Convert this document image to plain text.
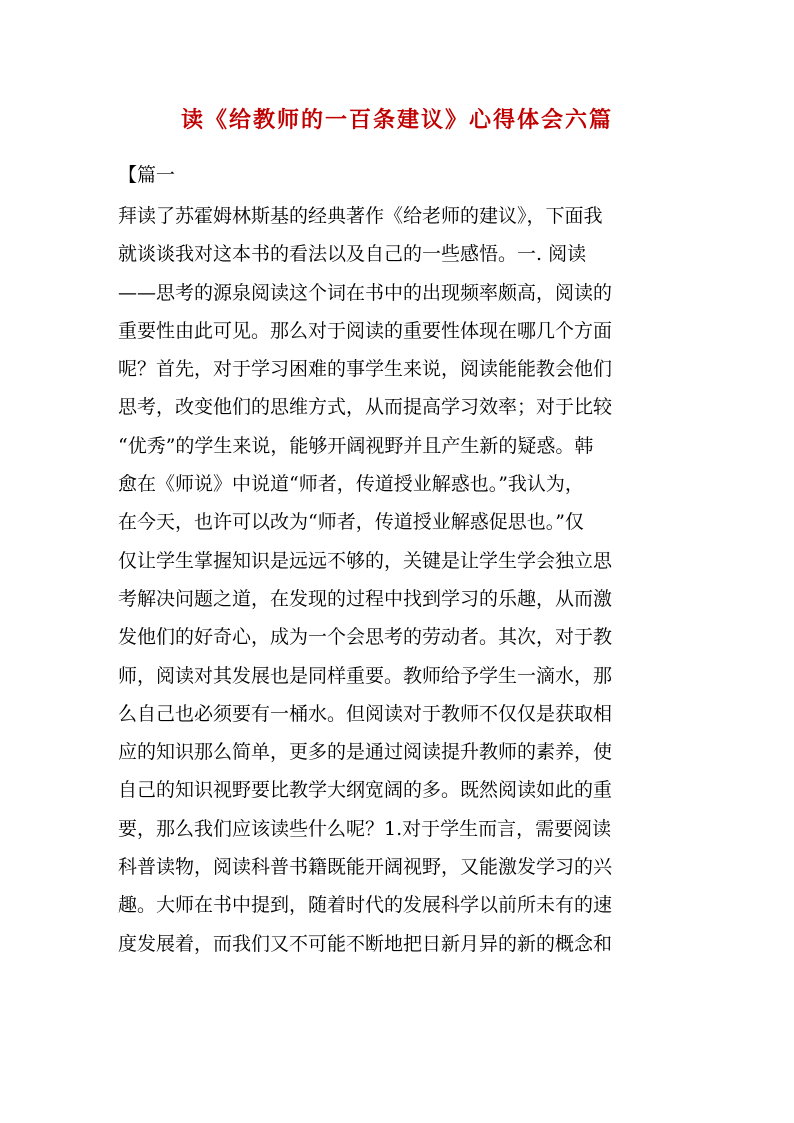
读《给教师的一百条建议》心得体会六篇
【篇一
拜读了苏霍姆林斯基的经典著作《给老师的建议》，下面我
就谈谈我对这本书的看法以及自己的一些感悟。一. 阅读
——思考的源泉阅读这个词在书中的出现频率颇高，阅读的
重要性由此可见。那么对于阅读的重要性体现在哪几个方面
呢？首先，对于学习困难的事学生来说，阅读能能教会他们
思考，改变他们的思维方式，从而提高学习效率；对于比较
“优秀”的学生来说，能够开阔视野并且产生新的疑惑。韩
愈在《师说》中说道“师者，传道授业解惑也。”我认为，
在今天，也许可以改为“师者，传道授业解惑促思也。”仅
仅让学生掌握知识是远远不够的，关键是让学生学会独立思
考解决问题之道，在发现的过程中找到学习的乐趣，从而激
发他们的好奇心，成为一个会思考的劳动者。其次，对于教
师，阅读对其发展也是同样重要。教师给予学生一滴水，那
么自己也必须要有一桶水。但阅读对于教师不仅仅是获取相
应的知识那么简单，更多的是通过阅读提升教师的素养，使
自己的知识视野要比教学大纲宽阔的多。既然阅读如此的重
要，那么我们应该读些什么呢？1.对于学生而言，需要阅读
科普读物，阅读科普书籍既能开阔视野，又能激发学习的兴
趣。大师在书中提到，随着时代的发展科学以前所未有的速
度发展着，而我们又不可能不断地把日新月异的新的概念和
